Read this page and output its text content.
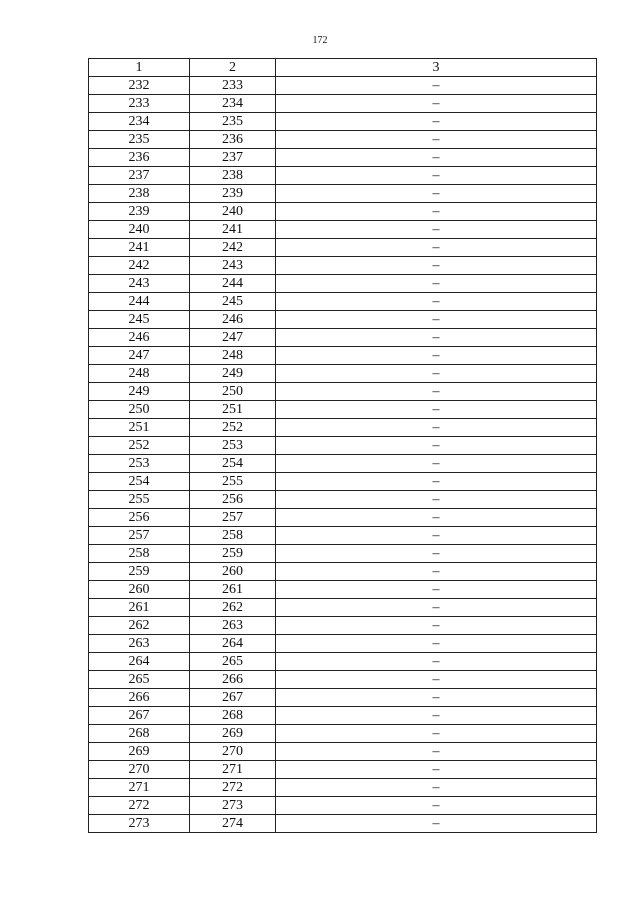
172
1	2	3
232	233	–
233	234	–
234	235	–
235	236	–
236	237	–
237	238	–
238	239	–
239	240	–
240	241	–
241	242	–
242	243	–
243	244	–
244	245	–
245	246	–
246	247	–
247	248	–
248	249	–
249	250	–
250	251	–
251	252	–
252	253	–
253	254	–
254	255	–
255	256	–
256	257	–
257	258	–
258	259	–
259	260	–
260	261	–
261	262	–
262	263	–
263	264	–
264	265	–
265	266	–
266	267	–
267	268	–
268	269	–
269	270	–
270	271	–
271	272	–
272	273	–
273	274	–
